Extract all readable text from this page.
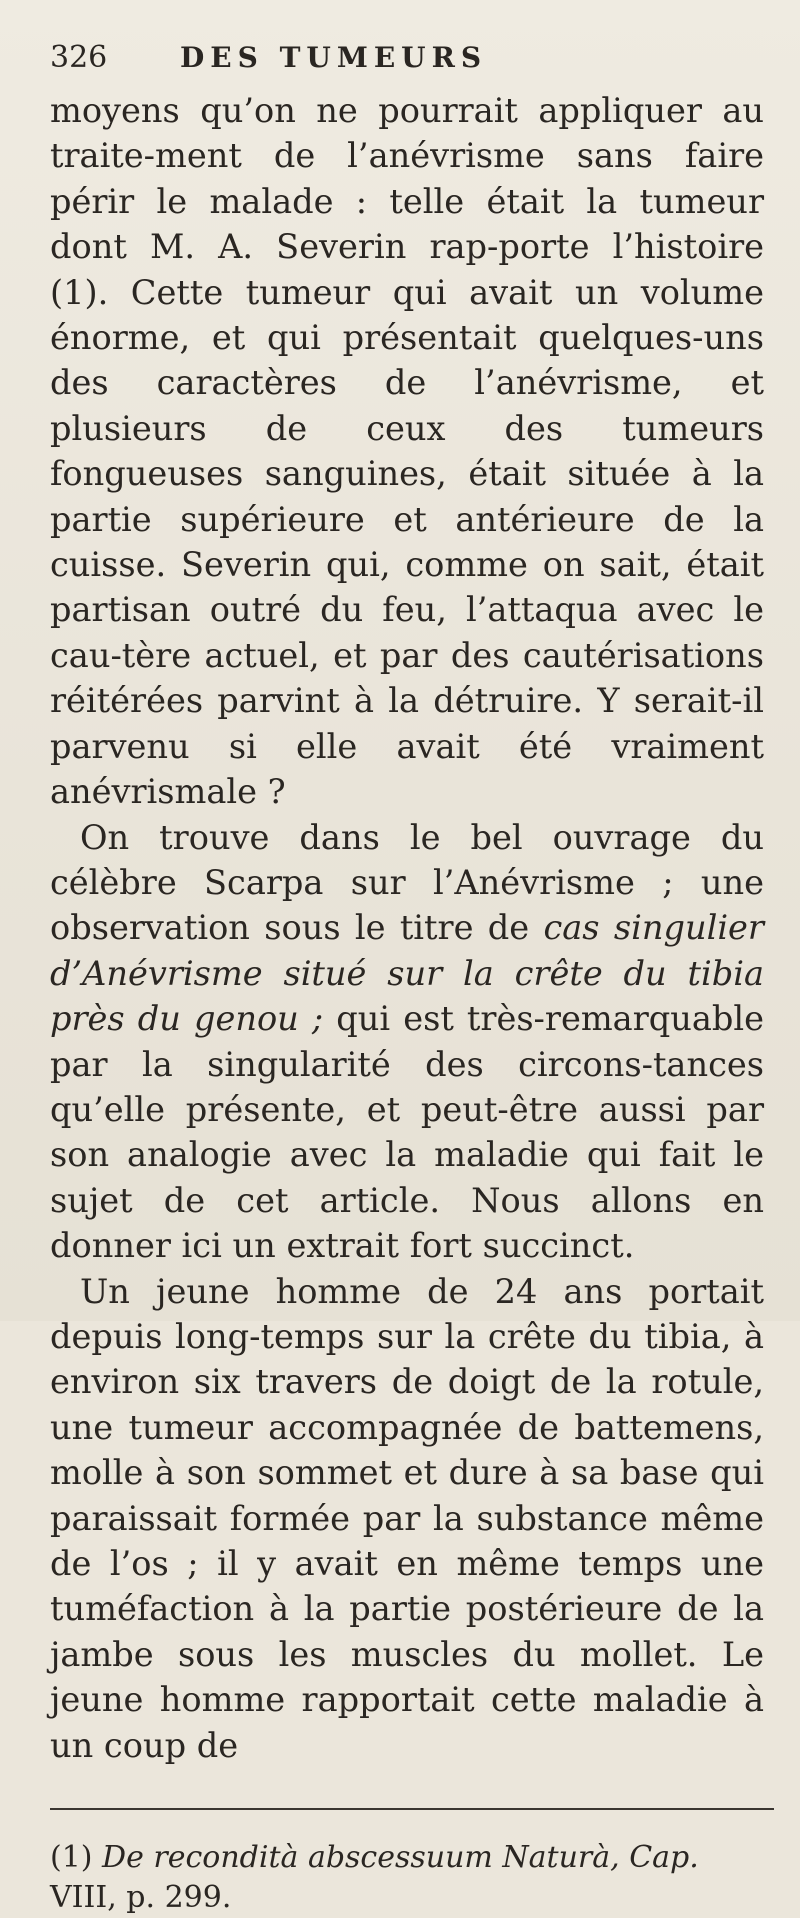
326	DES TUMEURS

moyens qu’on ne pourrait appliquer au traite-ment de l’anévrisme sans faire périr le malade : telle était la tumeur dont M. A. Severin rap-porte l’histoire (1). Cette tumeur qui avait un volume énorme, et qui présentait quelques-uns des caractères de l’anévrisme, et plusieurs de ceux des tumeurs fongueuses sanguines, était située à la partie supérieure et antérieure de la cuisse. Severin qui, comme on sait, était partisan outré du feu, l’attaqua avec le cau-tère actuel, et par des cautérisations réitérées parvint à la détruire. Y serait-il parvenu si elle avait été vraiment anévrismale ?

On trouve dans le bel ouvrage du célèbre Scarpa sur l’Anévrisme ; une observation sous le titre de cas singulier d’Anévrisme situé sur la crête du tibia près du genou ; qui est très-remarquable par la singularité des circons-tances qu’elle présente, et peut-être aussi par son analogie avec la maladie qui fait le sujet de cet article. Nous allons en donner ici un extrait fort succinct.

Un jeune homme de 24 ans portait depuis long-temps sur la crête du tibia, à environ six travers de doigt de la rotule, une tumeur accompagnée de battemens, molle à son sommet et dure à sa base qui paraissait formée par la substance même de l’os ; il y avait en même temps une tuméfaction à la partie postérieure de la jambe sous les muscles du mollet. Le jeune homme rapportait cette maladie à un coup de

(1) De recondità abscessuum Naturà, Cap. VIII, p. 299.
